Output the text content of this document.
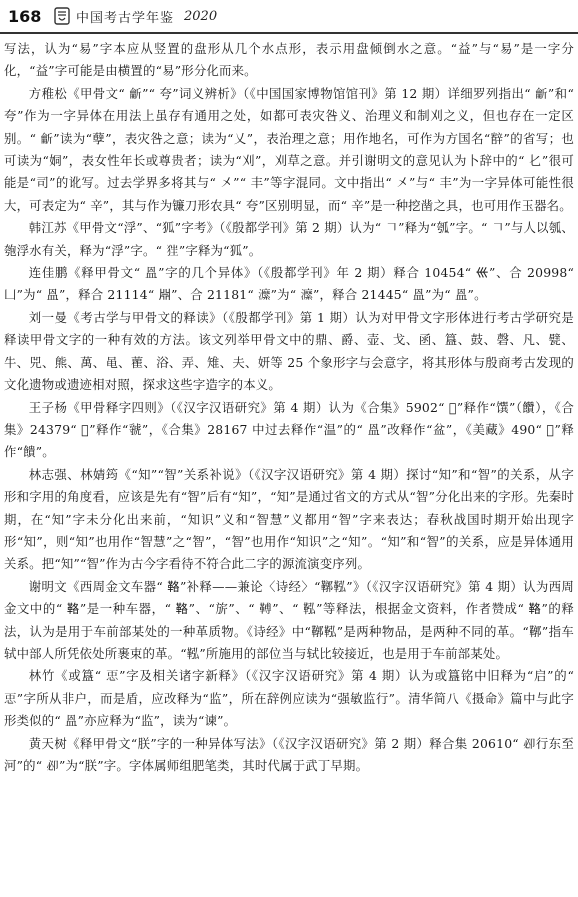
168	中国考古学年鉴 2020

写法，认为“易”字本应从竖置的盘形从几个水点形，表示用盘倾倒水之意。“益”与“易”是一字分化，“益”字可能是由横置的“易”形分化而来。

方稚松《甲骨文“ 𪛊”“ 夸”词义辨析》（《中国国家博物馆馆刊》第 12 期）详细罗列指出“ 𪛊”和“ 夸”作为一字异体在用法上虽存有通用之处，如都可表灾咎义、治理义和制刈之义，但也存在一定区别。“ 𪛊”读为“孽”，表灾咎之意；读为“乂”，表治理之意；用作地名，可作为方国名“辥”的省写；也可读为“姛”，表女性年长或尊贵者；读为“刈”，刈草之意。并引谢明文的意见认为卜辞中的“ 𠤎”很可能是“司”的讹写。过去学界多将其与“ 㐅”“ 丰”等字混同。文中指出“ 㐅”与“ 丰”为一字异体可能性很大，可表定为“ 辛”，其与作为镰刀形农具“ 夸”区别明显，而“ 辛”是一种挖凿之具，也可用作玉器名。

韩江苏《甲骨文“浮”、“狐”字考》（《殷都学刊》第 2 期）认为“ 𠃍”释为“瓠”字。“ 𠃍”与人以瓠、匏浮水有关，释为“浮”字。“ 𤝵”字释为“狐”。

连佳鹏《释甲骨文“ 𥁕”字的几个异体》（《殷都学刊》年 2 期）释合 10454“ 𡿧”、合 20998“ 凵”为“ 𥁕”，释合 21114“ 𣶒”、合 21181“ 𤃰”为“ 𤃰”，释合 21445“ 𥁕”为“ 𥁕”。

刘一曼《考古学与甲骨文的释读》（《殷都学刊》第 1 期）认为对甲骨文字形体进行考古学研究是释读甲骨文字的一种有效的方法。该文列举甲骨文中的鼎、爵、壶、戈、函、簋、鼓、磬、凡、甓、牛、兕、熊、萬、黾、雚、浴、弄、雉、夫、妍等 25 个象形字与会意字，将其形体与殷商考古发现的文化遗物或遗迹相对照，探求这些字造字的本义。

王子杨《甲骨释字四则》（《汉字汉语研究》第 4 期）认为《合集》5902“ 𩚺”释作“馔”（饡），《合集》24379“ 𧆞”释作“虢”，《合集》28167 中过去释作“温”的“ 𥁕”改释作“盆”，《美藏》490“ 𩚺”释作“饋”。

林志强、林婧筠《“知”“智”关系补说》（《汉字汉语研究》第 4 期）探讨“知”和“智”的关系，从字形和字用的角度看，应该是先有“智”后有“知”，“知”是通过省文的方式从“智”分化出来的字形。先秦时期，在“知”字未分化出来前，“知识”义和“智慧”义都用“智”字来表达；春秋战国时期开始出现字形“知”，则“知”也用作“智慧”之“智”，“智”也用作“知识”之“知”。“知”和“智”的关系，应是异体通用关系。把“知”“智”作为古今字看待不符合此二字的源流演变序列。

谢明文《西周金文车器“ 𩊚”补释——兼论〈诗经〉“鞹鞃”》（《汉字汉语研究》第 4 期）认为西周金文中的“ 𩊚”是一种车器，“ 𩊚”、“旂”、“ 𩌏”、“ 鞃”等释法，根据金文资料，作者赞成“ 𩊚”的释法，认为是用于车前部某处的一种革质物。《诗经》中“鞹鞃”是两种物品，是两种不同的革。“鞹”指车轼中部人所凭依处所裹束的革。“鞃”所施用的部位当与轼比较接近，也是用于车前部某处。

林竹《或簋“ 𢘑”字及相关诸字新释》（《汉字汉语研究》第 4 期）认为或簋铭中旧释为“启”的“ 𢘑”字所从非户，而是盾，应改释为“监”，所在辞例应读为“强敏监行”。清华简八《摄命》篇中与此字形类似的“ 𥁕”亦应释为“监”，读为“谏”。

黄天树《释甲骨文“朕”字的一种异体写法》（《汉字汉语研究》第 2 期）释合集 20610“ 𠨘行东至河”的“ 𠨘”为“朕”字。字体属师组肥笔类，其时代属于武丁早期。
